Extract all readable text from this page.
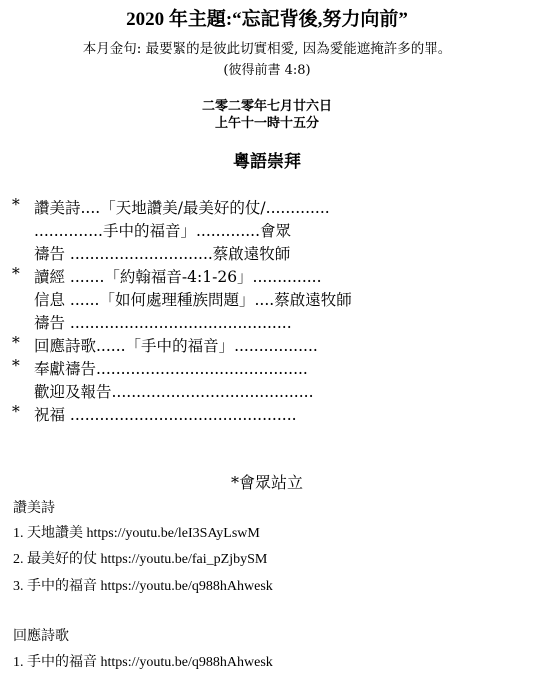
2020 年主題:“忘記背後,努力向前”
本月金句: 最要緊的是彼此切實相愛, 因為愛能遮掩許多的罪。
(彼得前書 4:8)
二零二零年七月廿六日
上午十一時十五分
粵語崇拜
* 讚美詩....「天地讚美/最美好的仗/.............
..............手中的福音」.............會眾
禱告 .............................蔡啟遠牧師
* 讀經 .......「約翰福音-4:1-26」..............
信息 ......「如何處理種族問題」....蔡啟遠牧師
禱告 .............................................
* 回應詩歌......「手中的福音」.................
* 奉獻禱告...........................................
歡迎及報告.........................................
* 祝福 ..............................................
*會眾站立
讚美詩
1. 天地讚美 https://youtu.be/leI3SAyLswM
2. 最美好的仗 https://youtu.be/fai_pZjbySM
3. 手中的福音 https://youtu.be/q988hAhwesk
回應詩歌
1. 手中的福音 https://youtu.be/q988hAhwesk
